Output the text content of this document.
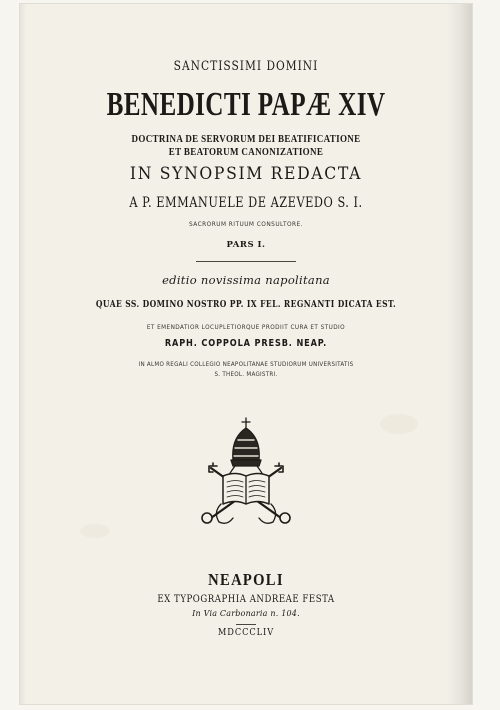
SANCTISSIMI DOMINI

BENEDICTI PAPÆ XIV

DOCTRINA DE SERVORUM DEI BEATIFICATIONE

ET BEATORUM CANONIZATIONE

IN SYNOPSIM REDACTA

A P. EMMANUELE DE AZEVEDO S. I.

SACRORUM RITUUM CONSULTORE.

PARS I.

editio novissima napolitana

QUAE SS. DOMINO NOSTRO PP. IX FEL. REGNANTI DICATA EST.

ET EMENDATIOR LOCUPLETIORQUE PRODIIT CURA ET STUDIO

RAPH. COPPOLA PRESB. NEAP.

IN ALMO REGALI COLLEGIO NEAPOLITANAE STUDIORUM UNIVERSITATIS

S. THEOL. MAGISTRI.

NEAPOLI

EX TYPOGRAPHIA ANDREAE FESTA

In Via Carbonaria n. 104.

MDCCCLIV
